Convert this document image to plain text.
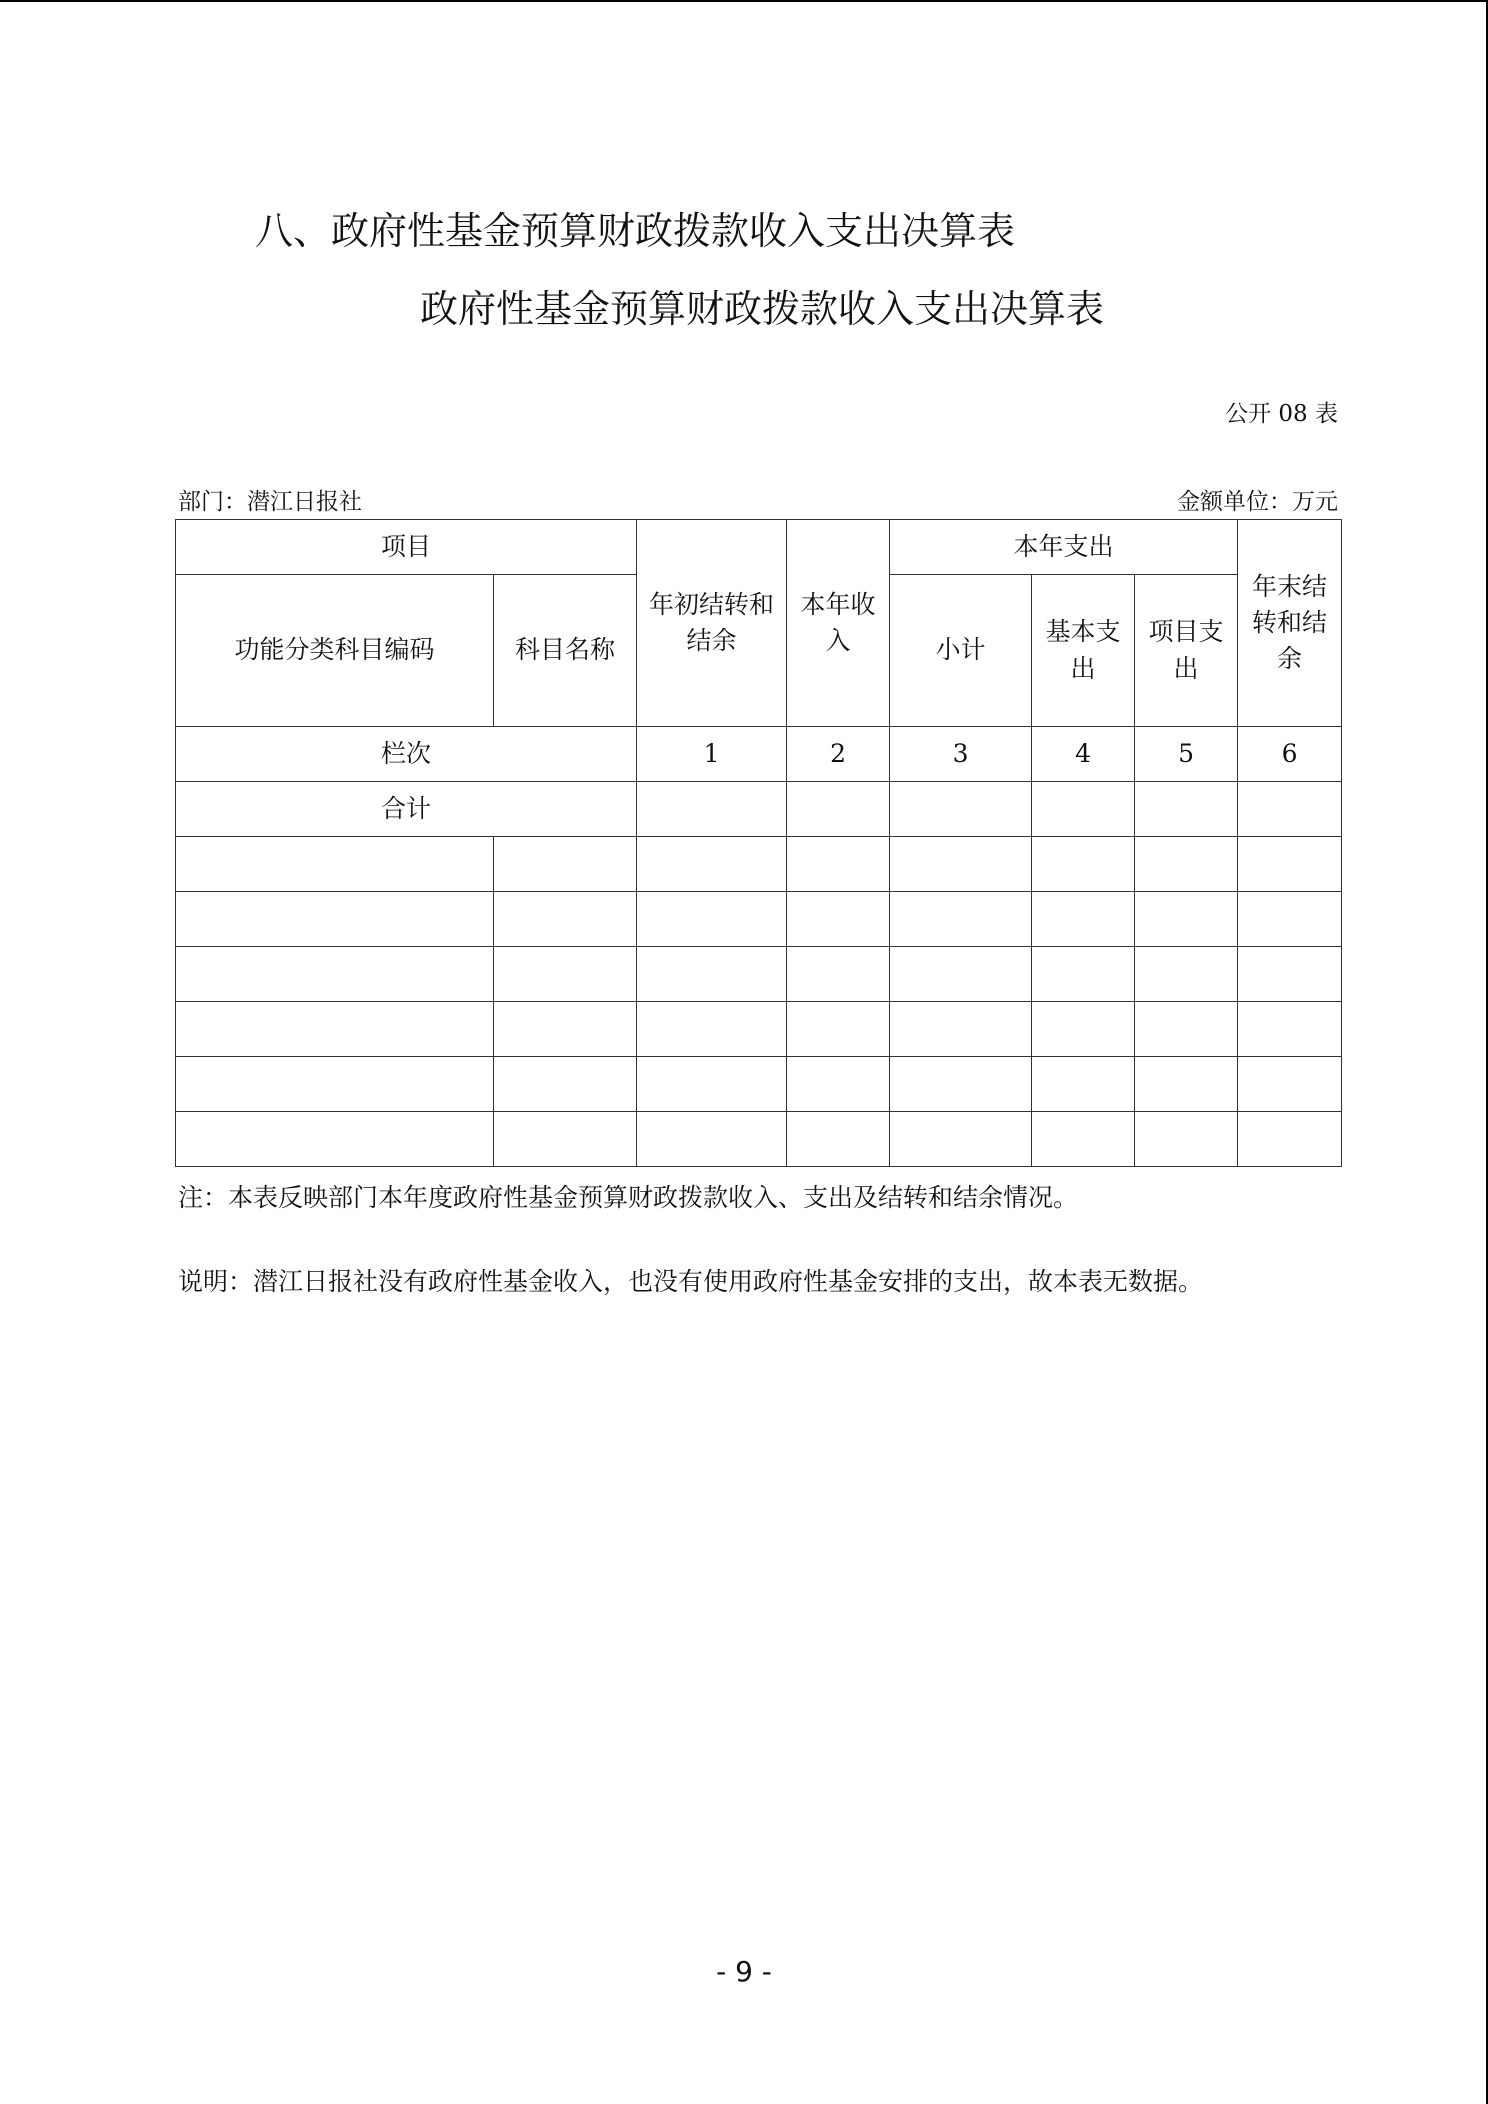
八、政府性基金预算财政拨款收入支出决算表
政府性基金预算财政拨款收入支出决算表
公开 08 表
部门：潜江日报社	金额单位：万元
项目		年初结转和结余	本年收入	本年支出			年末结转和结余
功能分类科目编码	科目名称			小计	基本支出	项目支出	
栏次		1	2	3	4	5	6
合计							

注：本表反映部门本年度政府性基金预算财政拨款收入、支出及结转和结余情况。
说明：潜江日报社没有政府性基金收入，也没有使用政府性基金安排的支出，故本表无数据。
- 9 -
